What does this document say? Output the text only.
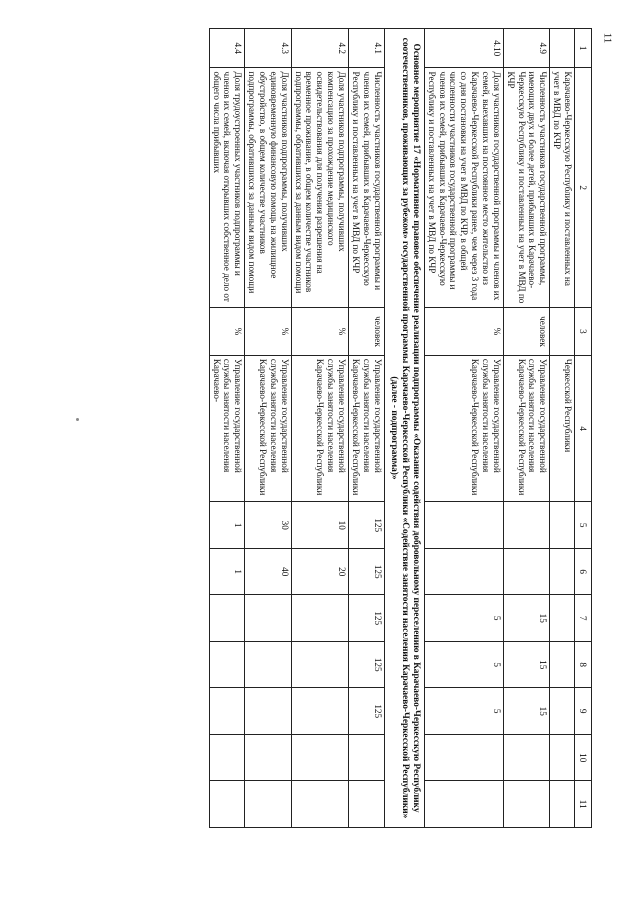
11
1	2	3	4	5	6	7	8	9	10	11
	Карачаево-Черкесскую Республику и поставленных на учет в МВД по КЧР		Черкесской Республики							
4.9	Численность участников государственной программы, имеющих двух и более детей, прибывших в Карачаево-Черкесскую Республику и поставленных на учет в МВД по КЧР	человек	Управление государственной службы занятости населения Карачаево-Черкесской Республики			15	15	15		
4.10	Доля участников государственной программы и членов их семей, выехавших на постоянное место жительство из Карачаево-Черкесской Республики ранее, чем через 3 года со дня постановки на учет в МВД по КЧР, в общей численности участников государственной программы и членов их семей, прибывших в Карачаево-Черкесскую Республику и поставленных на учет в МВД по КЧР	%	Управление государственной службы занятости населения Карачаево-Черкесской Республики			5	5	5		
Основное мероприятие 17 «Нормативное правовое обеспечение реализации подпрограммы «Оказание содействия добровольному переселению в Карачаево-Черкесскую Республику соотечественников, проживающих за рубежом» государственной программы Карачаево-Черкесской Республики «Содействие занятости населения Карачаево-Черкесской Республики» (далее - подпрограмма)»										
4.1	Численность участников государственной программы и членов их семей, прибывших в Карачаево-Черкесскую Республику и поставленных на учет в МВД по КЧР	человек	Управление государственной службы занятости населения Карачаево-Черкесской Республики	125	125	125	125	125		
4.2	Доля участников подпрограммы, получивших компенсацию за прохождение медицинского освидетельствования для получения разрешения на временное проживание, в общем количестве участников подпрограммы, обратившихся за данным видом помощи	%	Управление государственной службы занятости населения Карачаево-Черкесской Республики	10	20					
4.3	Доля участников подпрограммы, получивших единовременную финансовую помощь на жилищное обустройство, в общем количестве участников подпрограммы, обратившихся за данным видом помощи	%	Управление государственной службы занятости населения Карачаево-Черкесской Республики	30	40					
4.4	Доля трудоустроенных участников подпрограммы и членов их семей, включая открывших собственное дело от общего числа прибывших	%	Управление государственной службы занятости населения Карачаево-	1	1					
